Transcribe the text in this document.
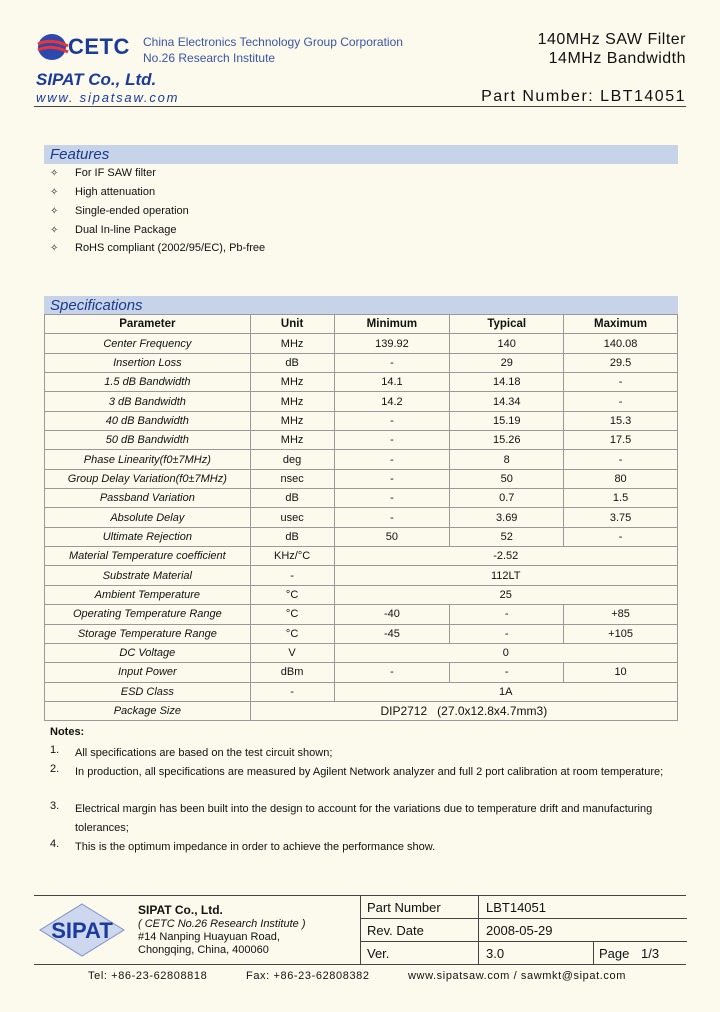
CETC China Electronics Technology Group Corporation
No.26 Research Institute
140MHz SAW Filter
14MHz Bandwidth
SIPAT Co., Ltd.
www. sipatsaw.com	Part Number: LBT14051
Features
✧ For IF SAW filter
✧ High attenuation
✧ Single-ended operation
✧ Dual In-line Package
✧ RoHS compliant (2002/95/EC), Pb-free
Specifications
Parameter	Unit	Minimum	Typical	Maximum
Center Frequency	MHz	139.92	140	140.08
Insertion Loss	dB	-	29	29.5
1.5 dB Bandwidth	MHz	14.1	14.18	-
3 dB Bandwidth	MHz	14.2	14.34	-
40 dB Bandwidth	MHz	-	15.19	15.3
50 dB Bandwidth	MHz	-	15.26	17.5
Phase Linearity(f0±7MHz)	deg	-	8	-
Group Delay Variation(f0±7MHz)	nsec	-	50	80
Passband Variation	dB	-	0.7	1.5
Absolute Delay	usec	-	3.69	3.75
Ultimate Rejection	dB	50	52	-
Material Temperature coefficient	KHz/°C	-2.52		
Substrate Material	-	112LT		
Ambient Temperature	°C	25		
Operating Temperature Range	°C	-40	-	+85
Storage Temperature Range	°C	-45	-	+105
DC Voltage	V	0		
Input Power	dBm	-	-	10
ESD Class	-	1A		
Package Size	DIP2712   (27.0x12.8x4.7mm3)			
Notes:
1. All specifications are based on the test circuit shown;
2. In production, all specifications are measured by Agilent Network analyzer and full 2 port calibration at room temperature;
3. Electrical margin has been built into the design to account for the variations due to temperature drift and manufacturing tolerances;
4. This is the optimum impedance in order to achieve the performance show.
SIPAT
SIPAT Co., Ltd.
( CETC No.26 Research Institute )
#14 Nanping Huayuan Road,
Chongqing, China, 400060
Part Number	LBT14051
Rev. Date	2008-05-29
Ver.	3.0	Page 1/3
Tel: +86-23-62808818	Fax: +86-23-62808382	www.sipatsaw.com / sawmkt@sipat.com
